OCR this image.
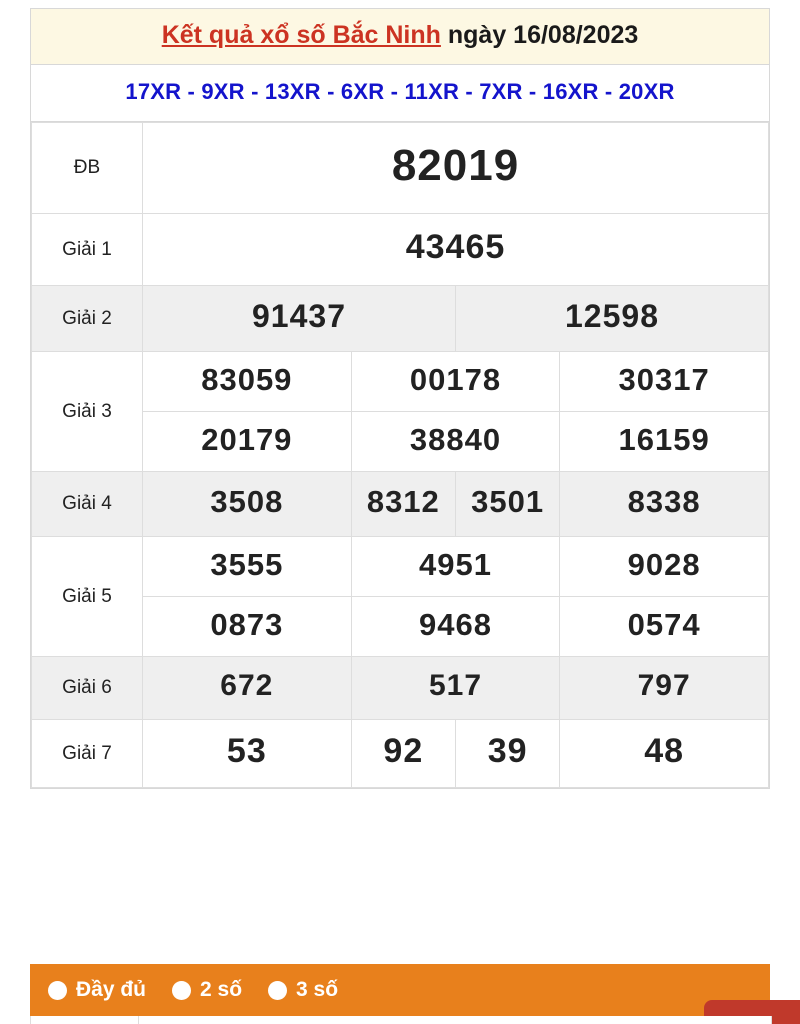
Kết quả xổ số Bắc Ninh ngày 16/08/2023
17XR - 9XR - 13XR - 6XR - 11XR - 7XR - 16XR - 20XR
ĐB	82019			
Giải 1	43465			
Giải 2	91437		12598	
Giải 3	83059	00178		30317
	20179	38840		16159
Giải 4	3508	8312	3501	8338
Giải 5	3555	4951		9028
	0873	9468		0574
Giải 6	672	517		797
Giải 7	53	92	39	48
Đầy đủ	2 số	3 số
